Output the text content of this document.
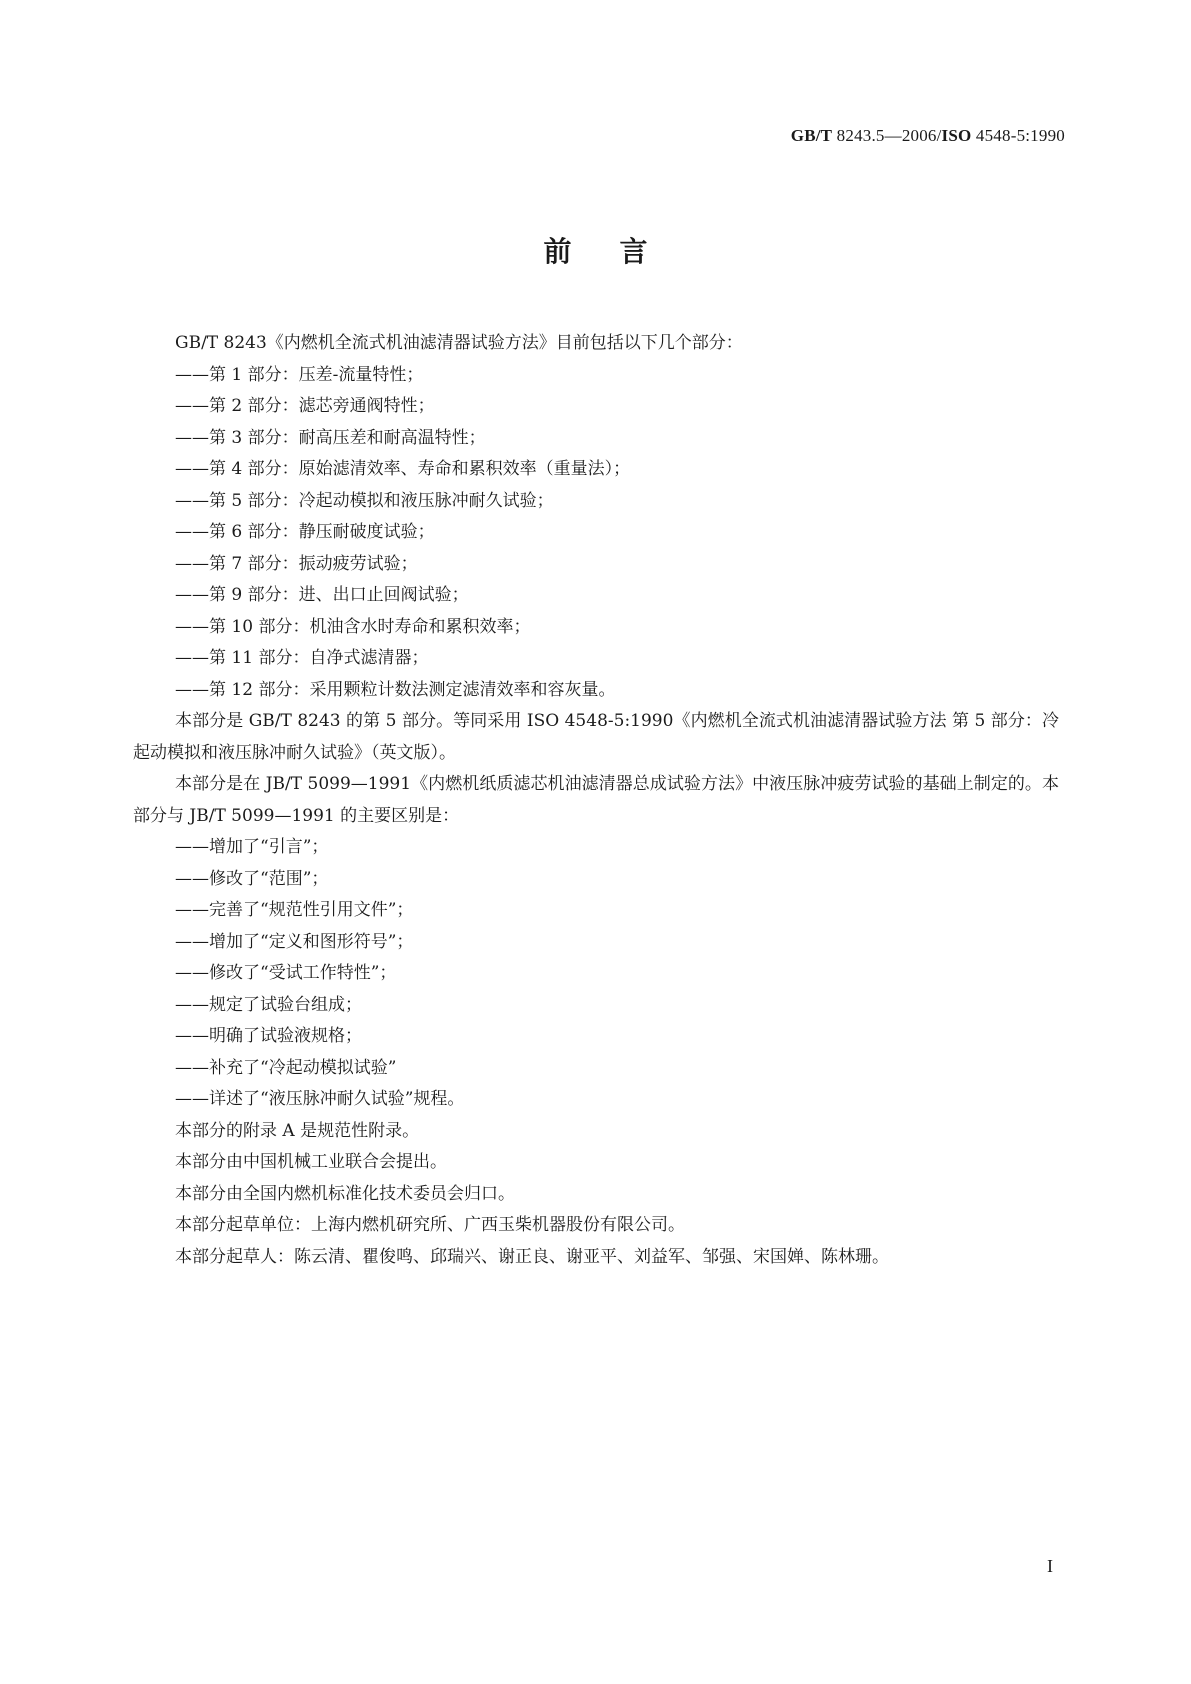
GB/T 8243.5—2006/ISO 4548-5:1990
前言

GB/T 8243《内燃机全流式机油滤清器试验方法》目前包括以下几个部分：

——第 1 部分：压差-流量特性；

——第 2 部分：滤芯旁通阀特性；

——第 3 部分：耐高压差和耐高温特性；

——第 4 部分：原始滤清效率、寿命和累积效率（重量法）；

——第 5 部分：冷起动模拟和液压脉冲耐久试验；

——第 6 部分：静压耐破度试验；

——第 7 部分：振动疲劳试验；

——第 9 部分：进、出口止回阀试验；

——第 10 部分：机油含水时寿命和累积效率；

——第 11 部分：自净式滤清器；

——第 12 部分：采用颗粒计数法测定滤清效率和容灰量。

本部分是 GB/T 8243 的第 5 部分。等同采用 ISO 4548-5:1990《内燃机全流式机油滤清器试验方法 第 5 部分：冷起动模拟和液压脉冲耐久试验》（英文版）。

本部分是在 JB/T 5099—1991《内燃机纸质滤芯机油滤清器总成试验方法》中液压脉冲疲劳试验的基础上制定的。本部分与 JB/T 5099—1991 的主要区别是：

——增加了“引言”；

——修改了“范围”；

——完善了“规范性引用文件”；

——增加了“定义和图形符号”；

——修改了“受试工作特性”；

——规定了试验台组成；

——明确了试验液规格；

——补充了“冷起动模拟试验”

——详述了“液压脉冲耐久试验”规程。

本部分的附录 A 是规范性附录。

本部分由中国机械工业联合会提出。

本部分由全国内燃机标准化技术委员会归口。

本部分起草单位：上海内燃机研究所、广西玉柴机器股份有限公司。

本部分起草人：陈云清、瞿俊鸣、邱瑞兴、谢正良、谢亚平、刘益军、邹强、宋国婵、陈林珊。

I
